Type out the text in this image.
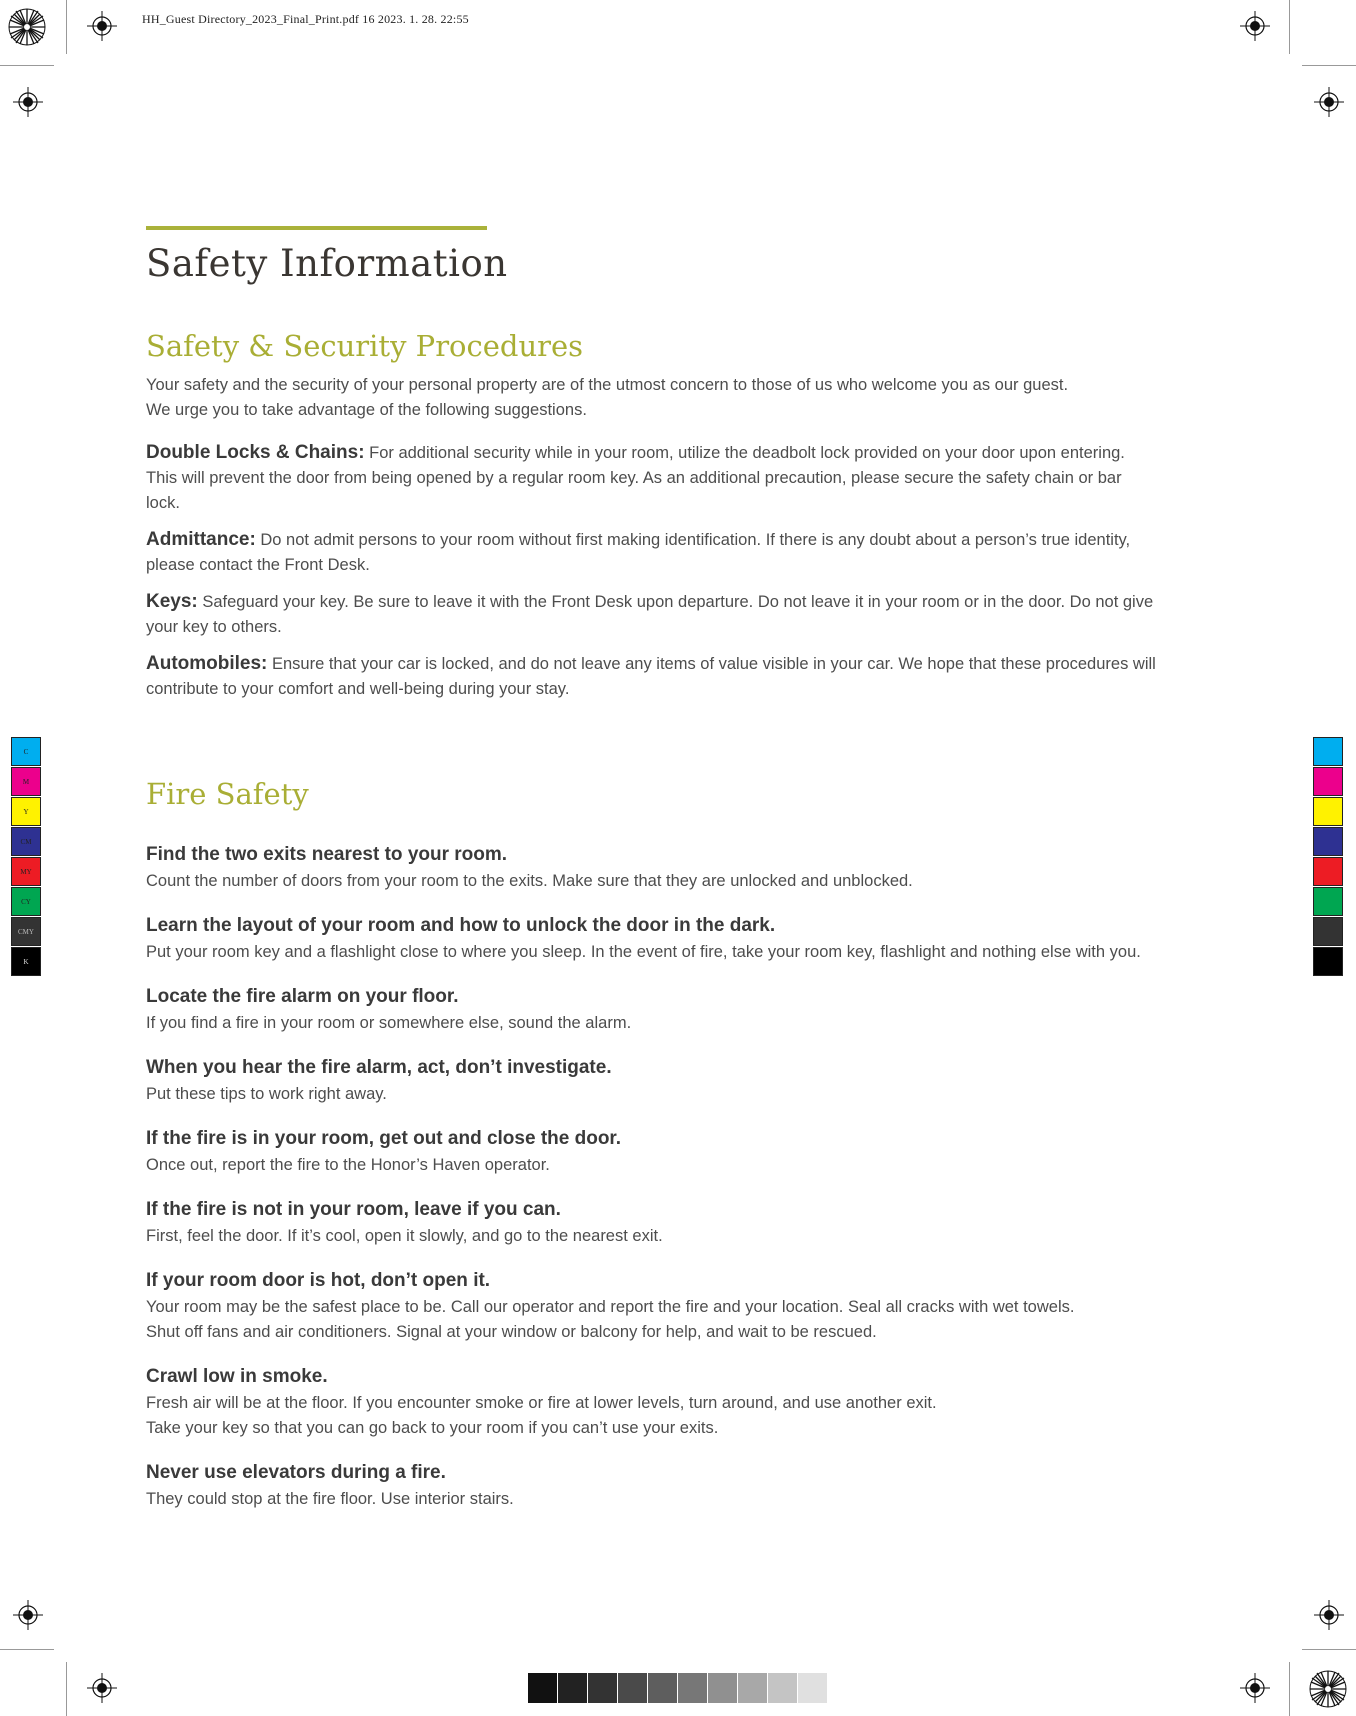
HH_Guest Directory_2023_Final_Print.pdf 16 2023. 1. 28. 22:55
C
M
Y
CM
MY
CY
CMY
K
Safety Information
Safety & Security Procedures

Your safety and the security of your personal property are of the utmost concern to those of us who welcome you as our guest.
We urge you to take advantage of the following suggestions.

Double Locks & Chains: For additional security while in your room, utilize the deadbolt lock provided on your door upon entering. This will prevent the door from being opened by a regular room key. As an additional precaution, please secure the safety chain or bar lock.

Admittance: Do not admit persons to your room without first making identification. If there is any doubt about a person’s true identity, please contact the Front Desk.

Keys: Safeguard your key. Be sure to leave it with the Front Desk upon departure. Do not leave it in your room or in the door. Do not give your key to others.

Automobiles: Ensure that your car is locked, and do not leave any items of value visible in your car. We hope that these procedures will contribute to your comfort and well-being during your stay.

Fire Safety
Find the two exits nearest to your room.
Count the number of doors from your room to the exits. Make sure that they are unlocked and unblocked.
Learn the layout of your room and how to unlock the door in the dark.
Put your room key and a flashlight close to where you sleep. In the event of fire, take your room key, flashlight and nothing else with you.
Locate the fire alarm on your floor.
If you find a fire in your room or somewhere else, sound the alarm.
When you hear the fire alarm, act, don’t investigate.
Put these tips to work right away.
If the fire is in your room, get out and close the door.
Once out, report the fire to the Honor’s Haven operator.
If the fire is not in your room, leave if you can.
First, feel the door. If it’s cool, open it slowly, and go to the nearest exit.
If your room door is hot, don’t open it.
Your room may be the safest place to be. Call our operator and report the fire and your location. Seal all cracks with wet towels.
Shut off fans and air conditioners. Signal at your window or balcony for help, and wait to be rescued.
Crawl low in smoke.
Fresh air will be at the floor. If you encounter smoke or fire at lower levels, turn around, and use another exit.
Take your key so that you can go back to your room if you can’t use your exits.
Never use elevators during a fire.
They could stop at the fire floor. Use interior stairs.
